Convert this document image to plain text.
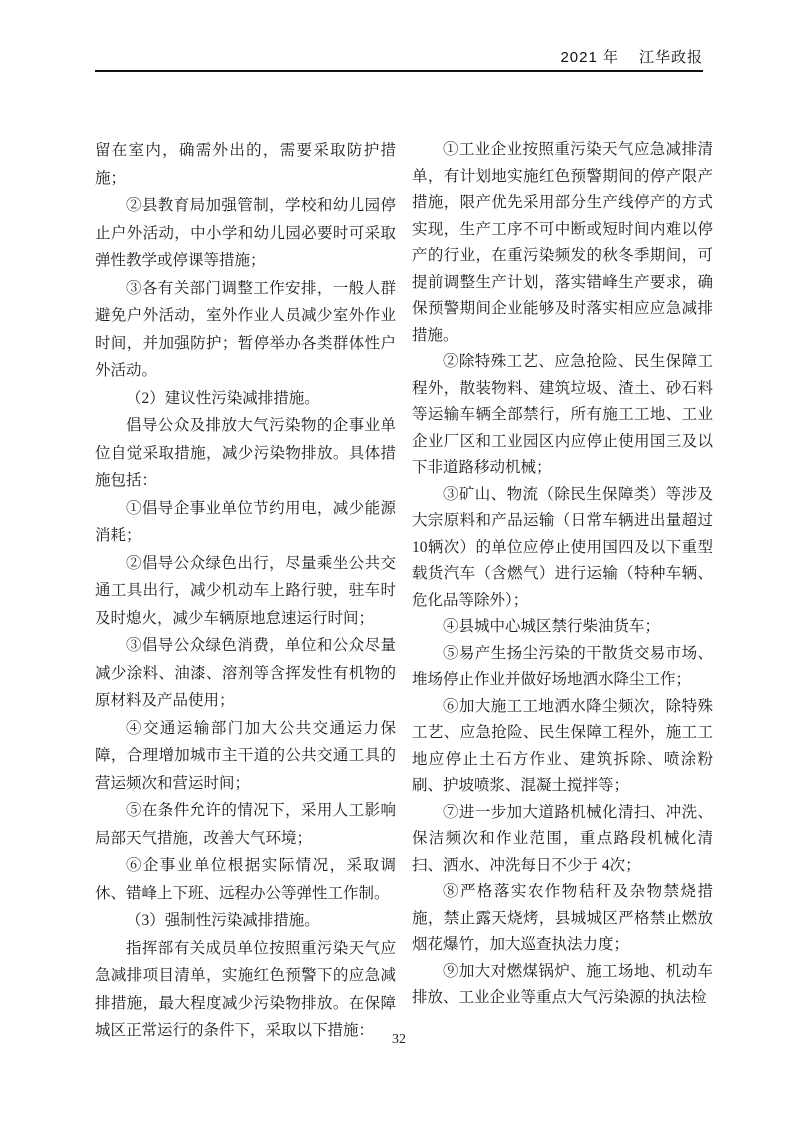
2021 年 江华政报

留在室内，确需外出的，需要采取防护措施；

②县教育局加强管制，学校和幼儿园停止户外活动，中小学和幼儿园必要时可采取弹性教学或停课等措施；

③各有关部门调整工作安排，一般人群避免户外活动，室外作业人员减少室外作业时间，并加强防护；暂停举办各类群体性户外活动。

（2）建议性污染减排措施。

倡导公众及排放大气污染物的企事业单位自觉采取措施，减少污染物排放。具体措施包括：

①倡导企事业单位节约用电，减少能源消耗；

②倡导公众绿色出行，尽量乘坐公共交通工具出行，减少机动车上路行驶，驻车时及时熄火，减少车辆原地怠速运行时间；

③倡导公众绿色消费，单位和公众尽量减少涂料、油漆、溶剂等含挥发性有机物的原材料及产品使用；

④交通运输部门加大公共交通运力保障，合理增加城市主干道的公共交通工具的营运频次和营运时间；

⑤在条件允许的情况下，采用人工影响局部天气措施，改善大气环境；

⑥企事业单位根据实际情况，采取调休、错峰上下班、远程办公等弹性工作制。

（3）强制性污染减排措施。

指挥部有关成员单位按照重污染天气应急减排项目清单，实施红色预警下的应急减排措施，最大程度减少污染物排放。在保障城区正常运行的条件下，采取以下措施：

①工业企业按照重污染天气应急减排清单，有计划地实施红色预警期间的停产限产措施，限产优先采用部分生产线停产的方式实现，生产工序不可中断或短时间内难以停产的行业，在重污染频发的秋冬季期间，可提前调整生产计划，落实错峰生产要求，确保预警期间企业能够及时落实相应应急减排措施。

②除特殊工艺、应急抢险、民生保障工程外，散装物料、建筑垃圾、渣土、砂石料等运输车辆全部禁行，所有施工工地、工业企业厂区和工业园区内应停止使用国三及以下非道路移动机械；

③矿山、物流（除民生保障类）等涉及大宗原料和产品运输（日常车辆进出量超过10辆次）的单位应停止使用国四及以下重型载货汽车（含燃气）进行运输（特种车辆、危化品等除外）；

④县城中心城区禁行柴油货车；

⑤易产生扬尘污染的干散货交易市场、堆场停止作业并做好场地洒水降尘工作；

⑥加大施工工地洒水降尘频次，除特殊工艺、应急抢险、民生保障工程外，施工工地应停止土石方作业、建筑拆除、喷涂粉刷、护坡喷浆、混凝土搅拌等；

⑦进一步加大道路机械化清扫、冲洗、保洁频次和作业范围，重点路段机械化清扫、洒水、冲洗每日不少于 4次；

⑧严格落实农作物秸秆及杂物禁烧措施，禁止露天烧烤，县城城区严格禁止燃放烟花爆竹，加大巡查执法力度；

⑨加大对燃煤锅炉、施工场地、机动车排放、工业企业等重点大气污染源的执法检

32
